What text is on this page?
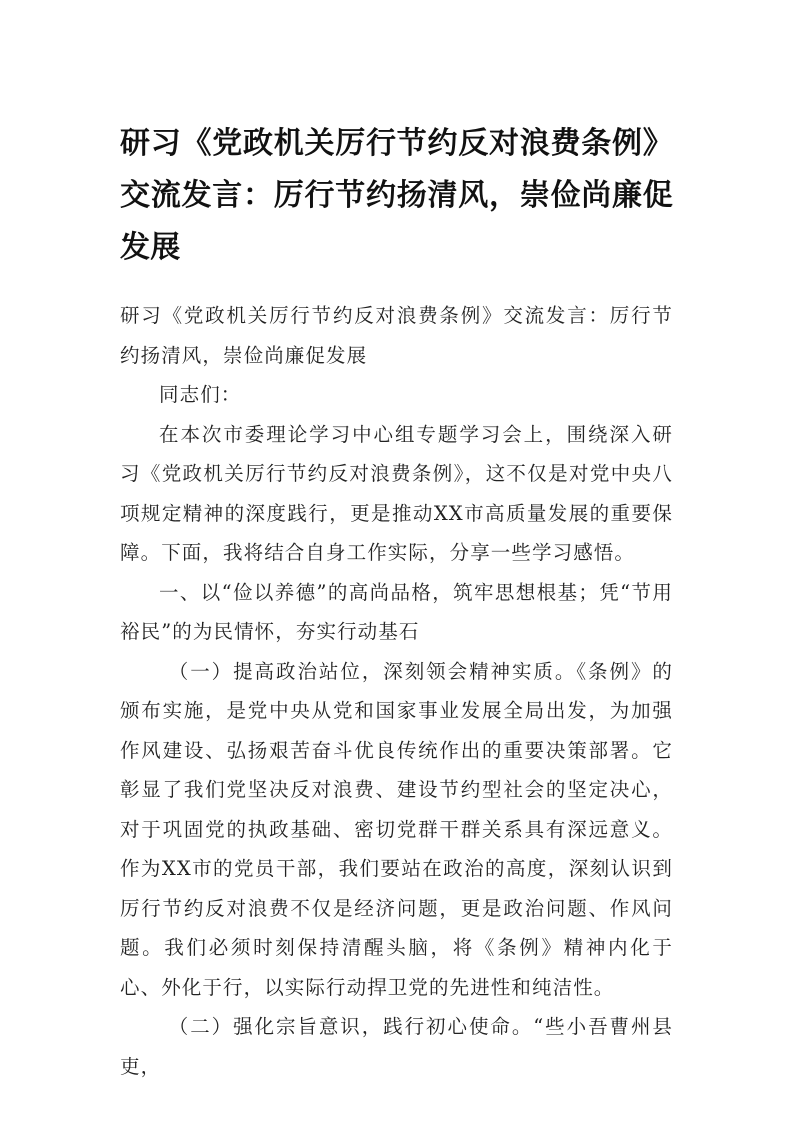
研习《党政机关厉行节约反对浪费条例》交流发言：厉行节约扬清风，崇俭尚廉促发展

研习《党政机关厉行节约反对浪费条例》交流发言：厉行节约扬清风，崇俭尚廉促发展

同志们：

在本次市委理论学习中心组专题学习会上，围绕深入研习《党政机关厉行节约反对浪费条例》，这不仅是对党中央八项规定精神的深度践行，更是推动XX市高质量发展的重要保障。下面，我将结合自身工作实际，分享一些学习感悟。

一、以“俭以养德”的高尚品格，筑牢思想根基；凭“节用裕民”的为民情怀，夯实行动基石

（一）提高政治站位，深刻领会精神实质。《条例》的颁布实施，是党中央从党和国家事业发展全局出发，为加强作风建设、弘扬艰苦奋斗优良传统作出的重要决策部署。它彰显了我们党坚决反对浪费、建设节约型社会的坚定决心，对于巩固党的执政基础、密切党群干群关系具有深远意义。作为XX市的党员干部，我们要站在政治的高度，深刻认识到厉行节约反对浪费不仅是经济问题，更是政治问题、作风问题。我们必须时刻保持清醒头脑，将《条例》精神内化于心、外化于行，以实际行动捍卫党的先进性和纯洁性。

（二）强化宗旨意识，践行初心使命。“些小吾曹州县吏，
